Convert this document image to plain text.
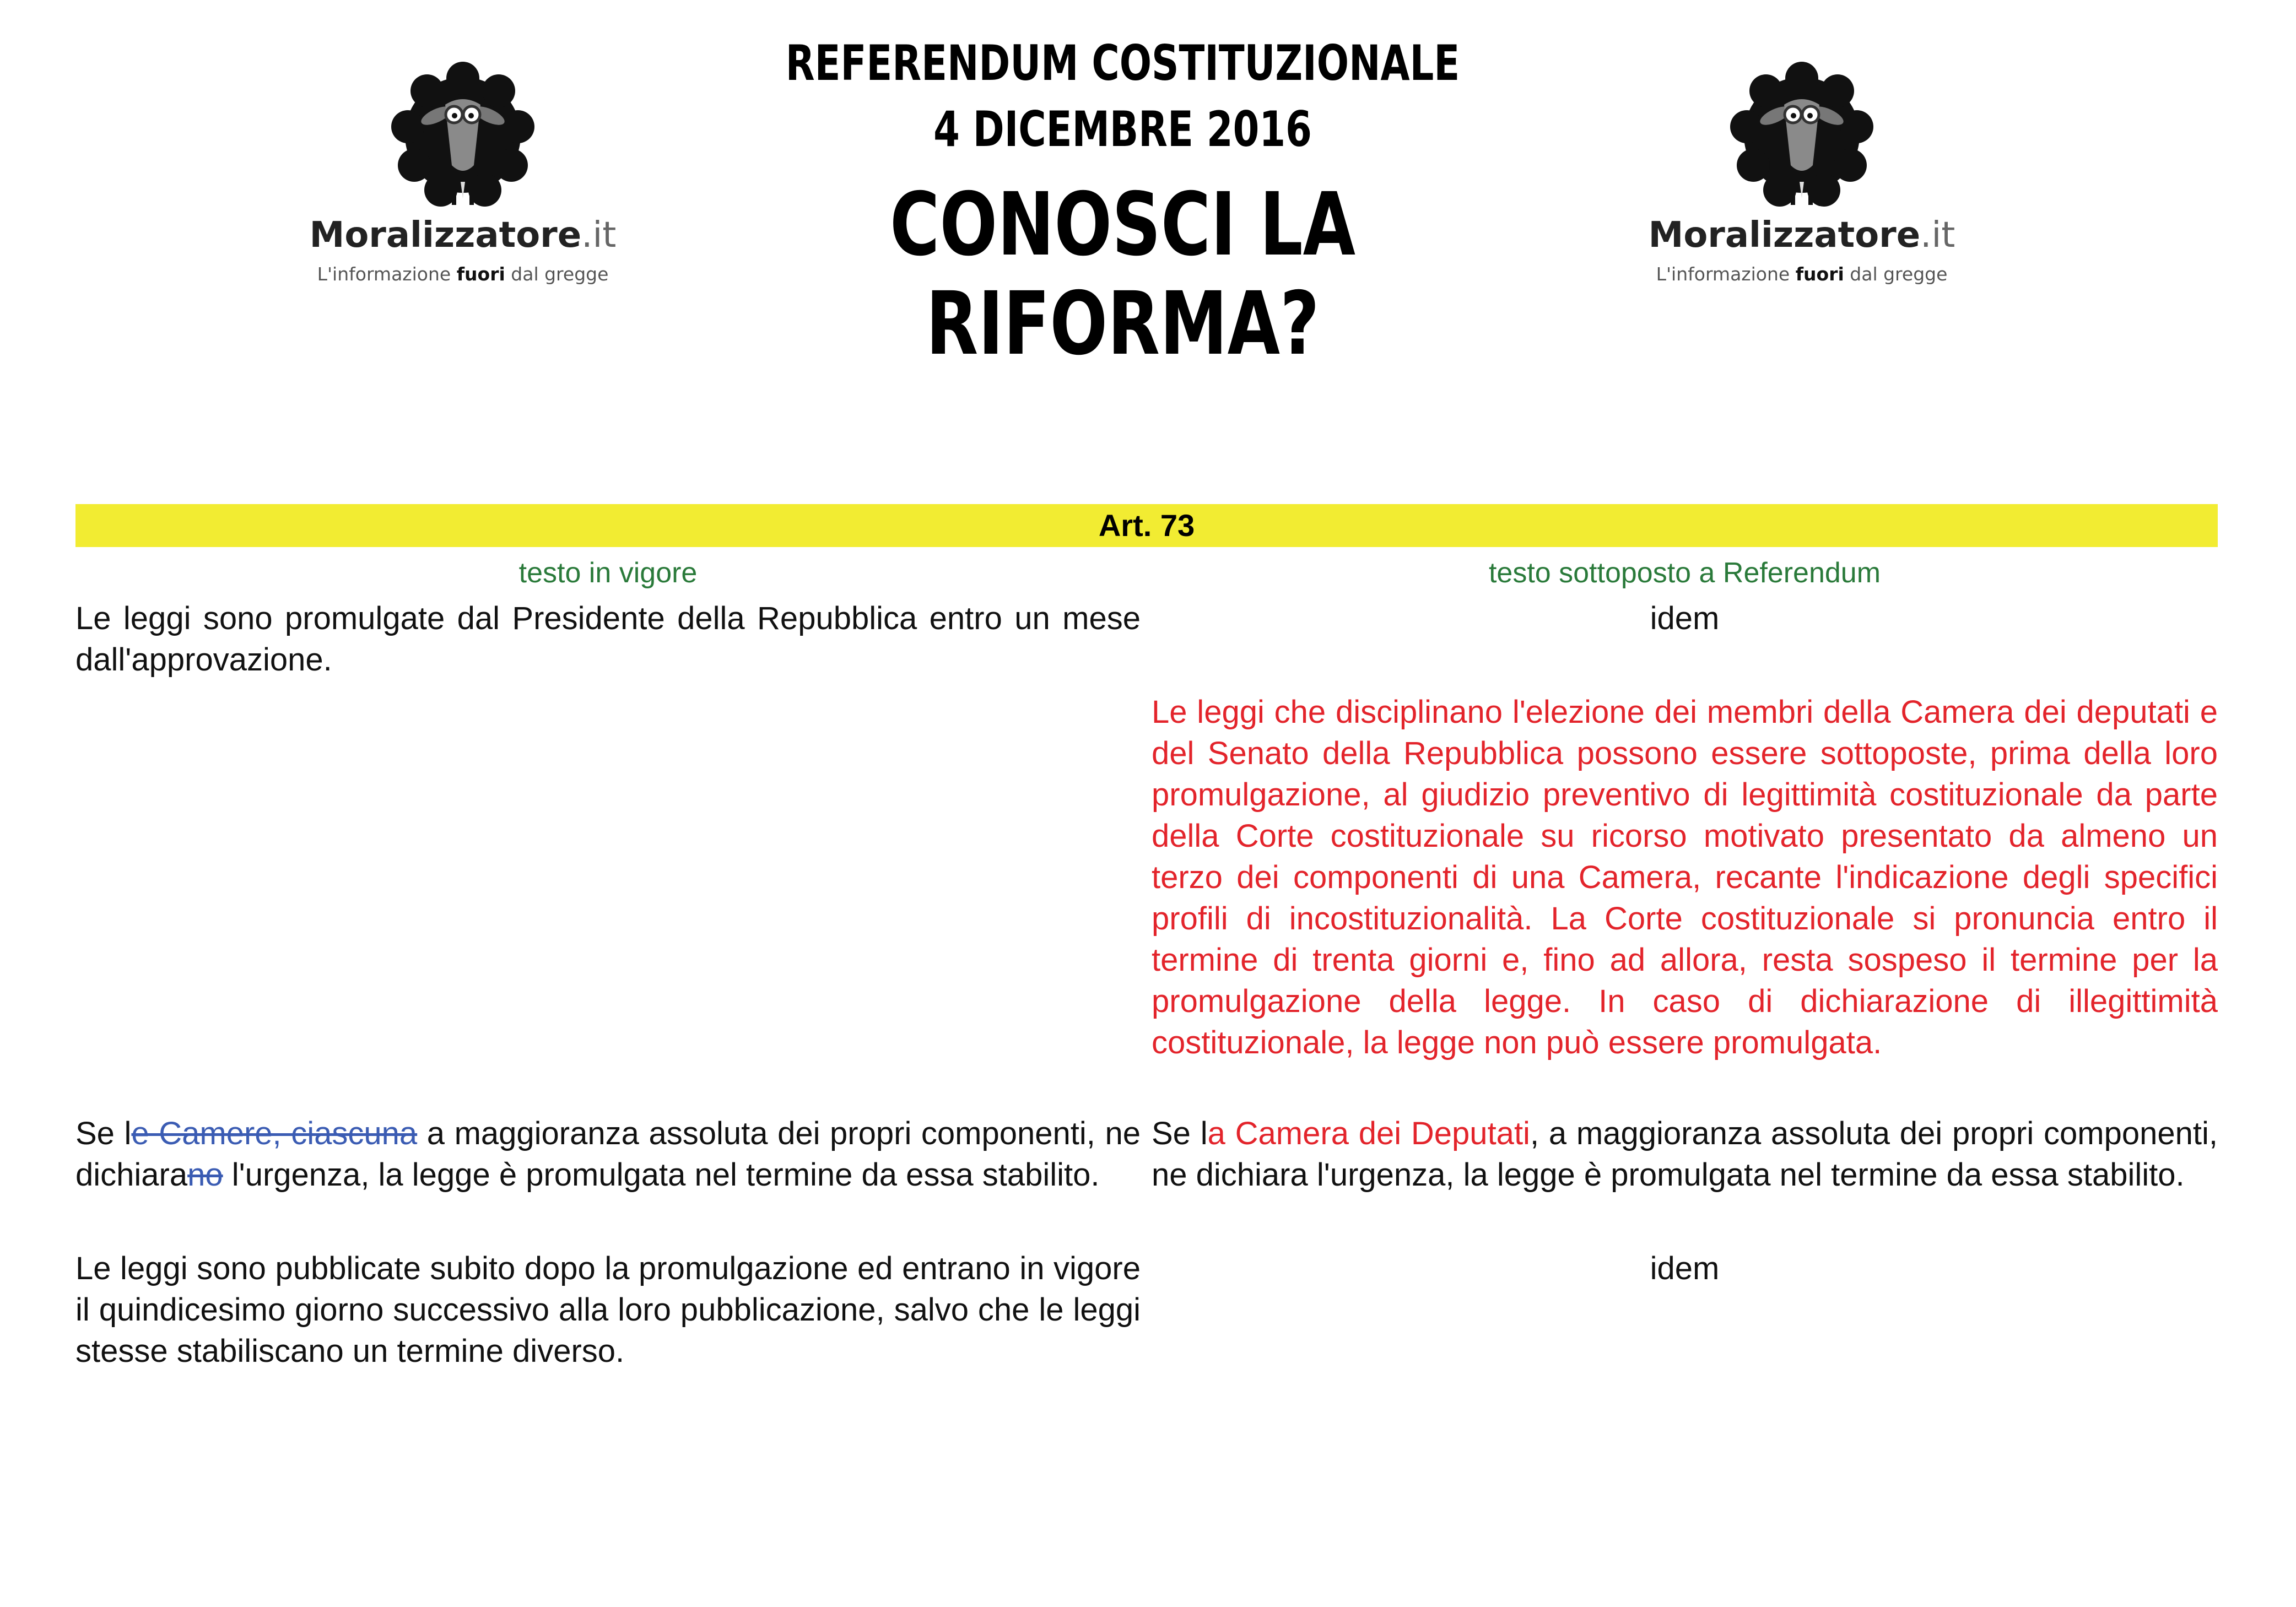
REFERENDUM COSTITUZIONALE
4 DICEMBRE 2016
CONOSCI LA RIFORMA?
Moralizzatore.it
L'informazione fuori dal gregge
Moralizzatore.it
L'informazione fuori dal gregge
Art. 73
testo in vigore	testo sottoposto a Referendum
Le leggi sono promulgate dal Presidente della Repubblica entro un mese dall'approvazione.
idem
Le leggi che disciplinano l'elezione dei membri della Camera dei deputati e del Senato della Repubblica possono essere sottoposte, prima della loro promulgazione, al giudizio preventivo di legittimità costituzionale da parte della Corte costituzionale su ricorso motivato presentato da almeno un terzo dei componenti di una Camera, recante l'indicazione degli specifici profili di incostituzionalità. La Corte costituzionale si pronuncia entro il termine di trenta giorni e, fino ad allora, resta sospeso il termine per la promulgazione della legge. In caso di dichiarazione di illegittimità costituzionale, la legge non può essere promulgata.
Se le Camere, ciascuna a maggioranza assoluta dei propri componenti, ne dichiarano l'urgenza, la legge è promulgata nel termine da essa stabilito.
Se la Camera dei Deputati, a maggioranza assoluta dei propri componenti, ne dichiara l'urgenza, la legge è promulgata nel termine da essa stabilito.
Le leggi sono pubblicate subito dopo la promulgazione ed entrano in vigore il quindicesimo giorno successivo alla loro pubblicazione, salvo che le leggi stesse stabiliscano un termine diverso.
idem
